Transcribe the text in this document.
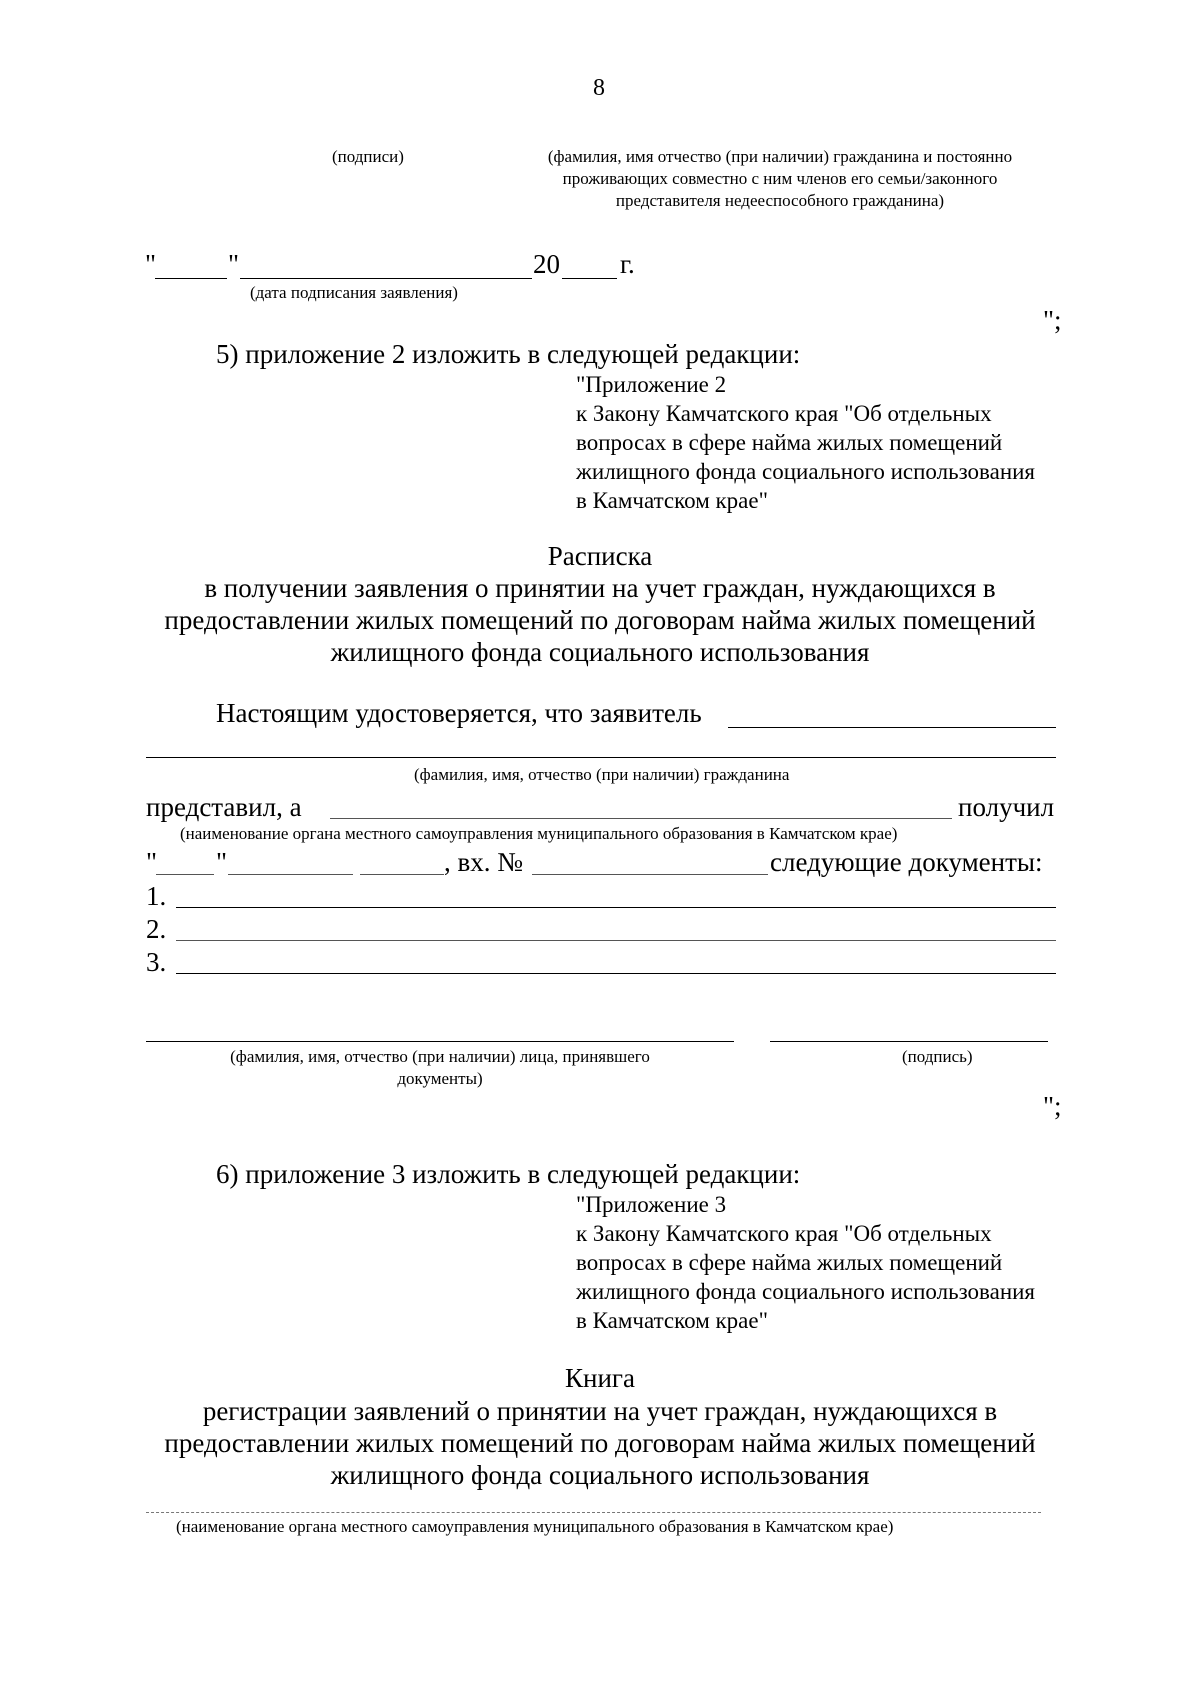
8
(подписи)	(фамилия, имя отчество (при наличии) гражданина и постоянно
проживающих совместно с ним членов его семьи/законного
представителя недееспособного гражданина)
"	"	20 г.
(дата подписания заявления)
";
5) приложение 2 изложить в следующей редакции:
"Приложение 2
к Закону Камчатского края "Об отдельных
вопросах в сфере найма жилых помещений
жилищного фонда социального использования
в Камчатском крае"
Расписка
в получении заявления о принятии на учет граждан, нуждающихся в
предоставлении жилых помещений по договорам найма жилых помещений
жилищного фонда социального использования
Настоящим удостоверяется, что заявитель
(фамилия, имя, отчество (при наличии) гражданина
представил, а	получил
(наименование органа местного самоуправления муниципального образования в Камчатском крае)
" "	, вх. №	следующие документы:
1.
2.
3.
(фамилия, имя, отчество (при наличии) лица, принявшего
документы)
(подпись)
";
6) приложение 3 изложить в следующей редакции:
"Приложение 3
к Закону Камчатского края "Об отдельных
вопросах в сфере найма жилых помещений
жилищного фонда социального использования
в Камчатском крае"
Книга
регистрации заявлений о принятии на учет граждан, нуждающихся в
предоставлении жилых помещений по договорам найма жилых помещений
жилищного фонда социального использования
(наименование органа местного самоуправления муниципального образования в Камчатском крае)
